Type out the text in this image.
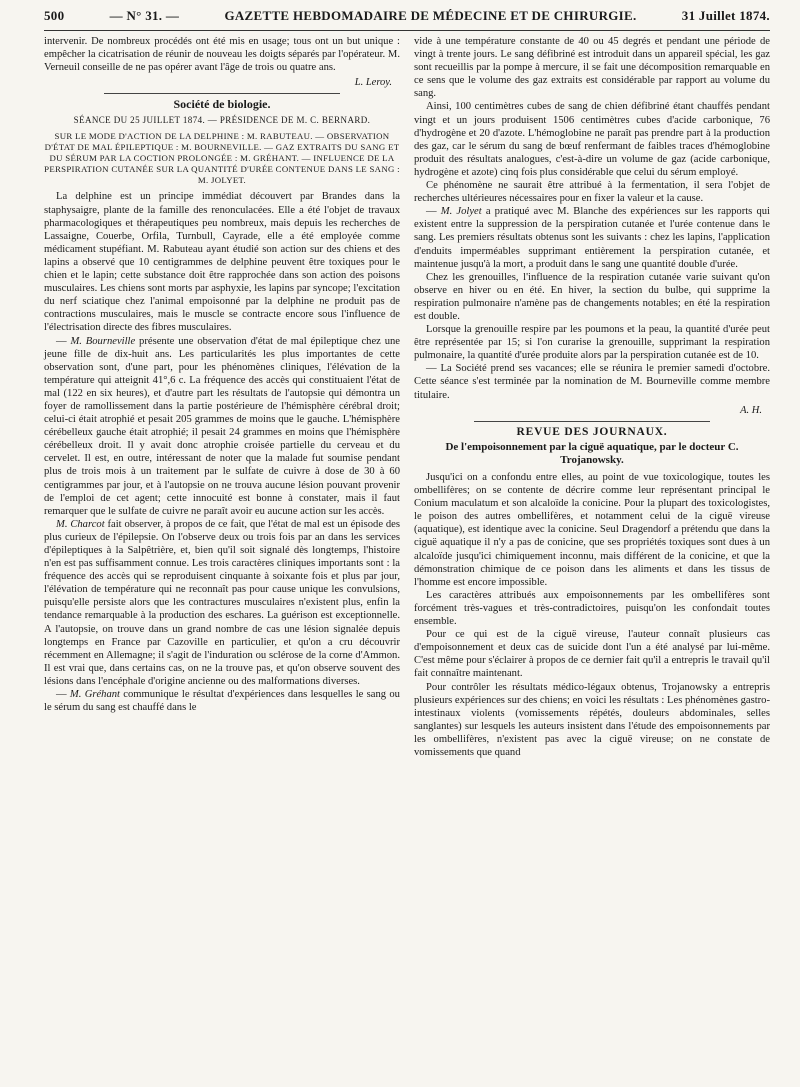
500	— N° 31. —	GAZETTE HEBDOMADAIRE DE MÉDECINE ET DE CHIRURGIE.	31 Juillet 1874.

intervenir. De nombreux procédés ont été mis en usage; tous ont un but unique : empêcher la cicatrisation de réunir de nouveau les doigts séparés par l'opérateur. M. Verneuil conseille de ne pas opérer avant l'âge de trois ou quatre ans.

L. Leroy.
Société de biologie.
SÉANCE DU 25 JUILLET 1874. — PRÉSIDENCE DE M. C. BERNARD.
SUR LE MODE D'ACTION DE LA DELPHINE : M. RABUTEAU. — OBSERVATION D'ÉTAT DE MAL ÉPILEPTIQUE : M. BOURNEVILLE. — GAZ EXTRAITS DU SANG ET DU SÉRUM PAR LA COCTION PROLONGÉE : M. GRÉHANT. — INFLUENCE DE LA PERSPIRATION CUTANÉE SUR LA QUANTITÉ D'URÉE CONTENUE DANS LE SANG : M. JOLYET.

La delphine est un principe immédiat découvert par Brandes dans la staphysaigre, plante de la famille des renonculacées. Elle a été l'objet de travaux pharmacologiques et thérapeutiques peu nombreux, mais depuis les recherches de Lassaigne, Couerbe, Orfila, Turnbull, Cayrade, elle a été employée comme médicament stupéfiant. M. Rabuteau ayant étudié son action sur des chiens et des lapins a observé que 10 centigrammes de delphine peuvent être toxiques pour le chien et le lapin; cette substance doit être rapprochée dans son action des poisons musculaires. Les chiens sont morts par asphyxie, les lapins par syncope; l'excitation du nerf sciatique chez l'animal empoisonné par la delphine ne produit pas de contractions musculaires, mais le muscle se contracte encore sous l'influence de l'électrisation directe des fibres musculaires.

— M. Bourneville présente une observation d'état de mal épileptique chez une jeune fille de dix-huit ans. Les particularités les plus importantes de cette observation sont, d'une part, pour les phénomènes cliniques, l'élévation de la température qui atteignit 41°,6 c. La fréquence des accès qui constituaient l'état de mal (122 en six heures), et d'autre part les résultats de l'autopsie qui démontra un foyer de ramollissement dans la partie postérieure de l'hémisphère cérébral droit; celui-ci était atrophié et pesait 205 grammes de moins que le gauche. L'hémisphère cérébelleux gauche était atrophié; il pesait 24 grammes en moins que l'hémisphère cérébelleux droit. Il y avait donc atrophie croisée partielle du cerveau et du cervelet. Il est, en outre, intéressant de noter que la malade fut soumise pendant plus de trois mois à un traitement par le sulfate de cuivre à dose de 30 à 60 centigrammes par jour, et à l'autopsie on ne trouva aucune lésion pouvant provenir de l'emploi de cet agent; cette innocuité est bonne à constater, mais il faut remarquer que le sulfate de cuivre ne paraît avoir eu aucune action sur les accès.

M. Charcot fait observer, à propos de ce fait, que l'état de mal est un épisode des plus curieux de l'épilepsie. On l'observe deux ou trois fois par an dans les services d'épileptiques à la Salpêtrière, et, bien qu'il soit signalé dès longtemps, l'histoire n'en est pas suffisamment connue. Les trois caractères cliniques importants sont : la fréquence des accès qui se reproduisent cinquante à soixante fois et plus par jour, l'élévation de température qui ne reconnaît pas pour cause unique les convulsions, puisqu'elle persiste alors que les contractures musculaires n'existent plus, enfin la tendance remarquable à la production des eschares. La guérison est exceptionnelle. A l'autopsie, on trouve dans un grand nombre de cas une lésion signalée depuis longtemps en France par Cazoville en particulier, et qu'on a cru découvrir récemment en Allemagne; il s'agit de l'induration ou sclérose de la corne d'Ammon. Il est vrai que, dans certains cas, on ne la trouve pas, et qu'on observe souvent des lésions dans l'encéphale d'origine ancienne ou des malformations diverses.

— M. Gréhant communique le résultat d'expériences dans lesquelles le sang ou le sérum du sang est chauffé dans le

vide à une température constante de 40 ou 45 degrés et pendant une période de vingt à trente jours. Le sang défibriné est introduit dans un appareil spécial, les gaz sont recueillis par la pompe à mercure, il se fait une décomposition remarquable en ce sens que le volume des gaz extraits est considérable par rapport au volume du sang.

Ainsi, 100 centimètres cubes de sang de chien défibriné étant chauffés pendant vingt et un jours produisent 1506 centimètres cubes d'acide carbonique, 76 d'hydrogène et 20 d'azote. L'hémoglobine ne paraît pas prendre part à la production des gaz, car le sérum du sang de bœuf renfermant de faibles traces d'hémoglobine produit des résultats analogues, c'est-à-dire un volume de gaz (acide carbonique, hydrogène et azote) cinq fois plus considérable que celui du sérum employé.

Ce phénomène ne saurait être attribué à la fermentation, il sera l'objet de recherches ultérieures nécessaires pour en fixer la valeur et la cause.

— M. Jolyet a pratiqué avec M. Blanche des expériences sur les rapports qui existent entre la suppression de la perspiration cutanée et l'urée contenue dans le sang. Les premiers résultats obtenus sont les suivants : chez les lapins, l'application d'enduits imperméables supprimant entièrement la perspiration cutanée, et maintenue jusqu'à la mort, a produit dans le sang une quantité double d'urée.

Chez les grenouilles, l'influence de la respiration cutanée varie suivant qu'on observe en hiver ou en été. En hiver, la section du bulbe, qui supprime la respiration pulmonaire n'amène pas de changements notables; en été la respiration est double.

Lorsque la grenouille respire par les poumons et la peau, la quantité d'urée peut être représentée par 15; si l'on curarise la grenouille, supprimant la respiration pulmonaire, la quantité d'urée produite alors par la perspiration cutanée est de 10.

— La Société prend ses vacances; elle se réunira le premier samedi d'octobre. Cette séance s'est terminée par la nomination de M. Bourneville comme membre titulaire.

A. H.
REVUE DES JOURNAUX.
De l'empoisonnement par la ciguë aquatique, par le docteur C. Trojanowsky.

Jusqu'ici on a confondu entre elles, au point de vue toxicologique, toutes les ombellifères; on se contente de décrire comme leur représentant principal le Conium maculatum et son alcaloïde la conicine. Pour la plupart des toxicologistes, le poison des autres ombellifères, et notamment celui de la ciguë vireuse (aquatique), est identique avec la conicine. Seul Dragendorf a prétendu que dans la ciguë aquatique il n'y a pas de conicine, que ses propriétés toxiques sont dues à un alcaloïde jusqu'ici chimiquement inconnu, mais différent de la conicine, et que la démonstration chimique de ce poison dans les aliments et dans les tissus de l'homme est encore impossible.

Les caractères attribués aux empoisonnements par les ombellifères sont forcément très-vagues et très-contradictoires, puisqu'on les confondait toutes ensemble.

Pour ce qui est de la ciguë vireuse, l'auteur connaît plusieurs cas d'empoisonnement et deux cas de suicide dont l'un a été analysé par lui-même. C'est même pour s'éclairer à propos de ce dernier fait qu'il a entrepris le travail qu'il fait connaître maintenant.

Pour contrôler les résultats médico-légaux obtenus, Trojanowsky a entrepris plusieurs expériences sur des chiens; en voici les résultats : Les phénomènes gastro-intestinaux violents (vomissements répétés, douleurs abdominales, selles sanglantes) sur lesquels les auteurs insistent dans l'étude des empoisonnements par les ombellifères, n'existent pas avec la ciguë vireuse; on ne constate de vomissements que quand
